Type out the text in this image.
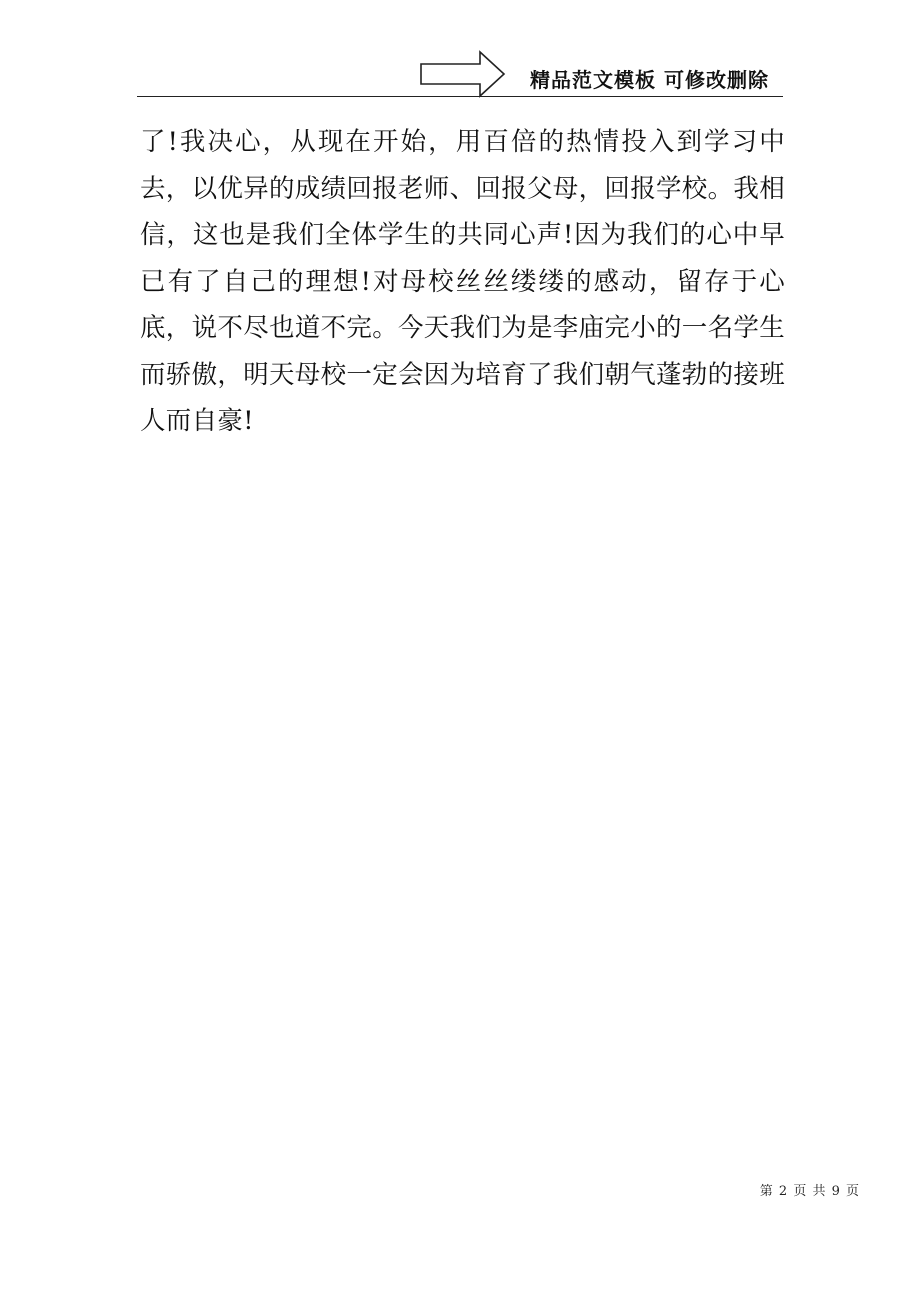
精品范文模板 可修改删除

了!我决心，从现在开始，用百倍的热情投入到学习中去，以优异的成绩回报老师、回报父母，回报学校。我相信，这也是我们全体学生的共同心声!因为我们的心中早已有了自己的理想!对母校丝丝缕缕的感动，留存于心底，说不尽也道不完。今天我们为是李庙完小的一名学生而骄傲，明天母校一定会因为培育了我们朝气蓬勃的接班人而自豪!

第 2 页 共 9 页
